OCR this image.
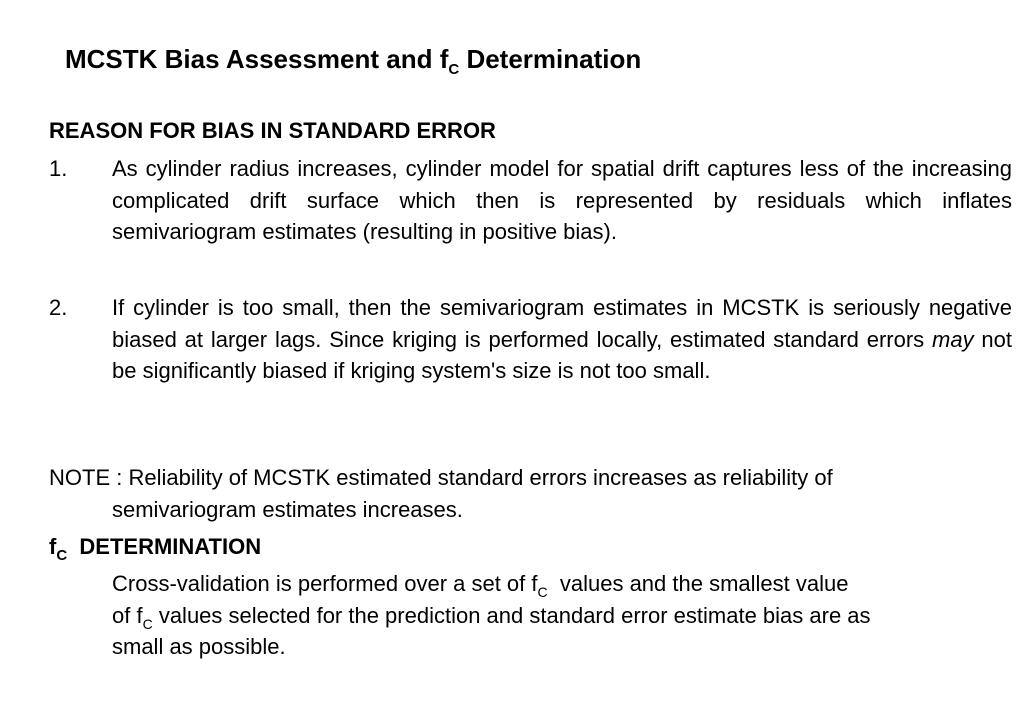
MCSTK Bias Assessment and $f_C$ Determination
REASON FOR BIAS IN STANDARD ERROR
1. As cylinder radius increases, cylinder model for spatial drift captures less of the increasing complicated drift surface which then is represented by residuals which inflates semivariogram estimates (resulting in positive bias).
2. If cylinder is too small, then the semivariogram estimates in MCSTK is seriously negative biased at larger lags. Since kriging is performed locally, estimated standard errors may not be significantly biased if kriging system's size is not too small.
NOTE : Reliability of MCSTK estimated standard errors increases as reliability of
semivariogram estimates increases.
$f_C$  DETERMINATION
Cross-validation is performed over a set of $f_C$  values and the smallest value
of $f_C$ values selected for the prediction and standard error estimate bias are as
small as possible.
